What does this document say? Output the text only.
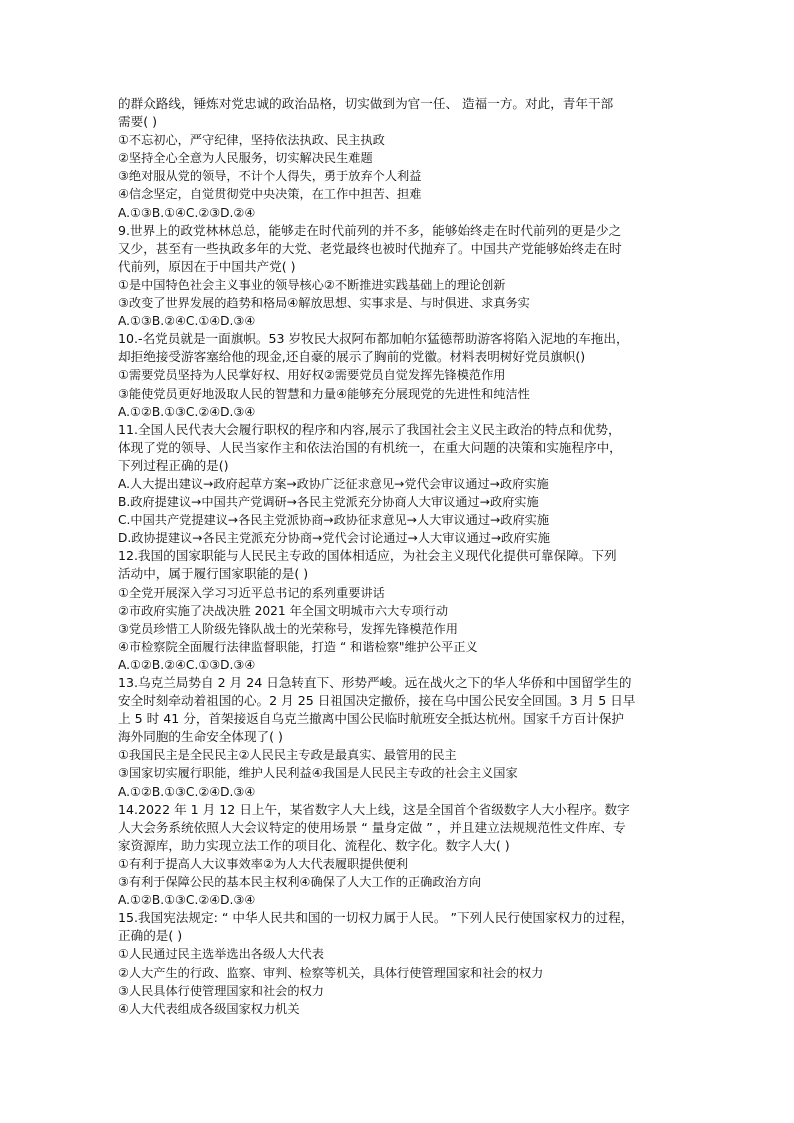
的群众路线，锤炼对党忠诚的政治品格，切实做到为官一任、 造福一方。对此，青年干部
需要( )
①不忘初心，严守纪律，坚持依法执政、民主执政
②坚持全心全意为人民服务，切实解决民生难题
③绝对服从党的领导，不计个人得失，勇于放弃个人利益
④信念坚定，自觉贯彻党中央决策，在工作中担苦、担难
A.①③B.①④C.②③D.②④
9.世界上的政党林林总总，能够走在时代前列的并不多，能够始终走在时代前列的更是少之
又少，甚至有一些执政多年的大党、老党最终也被时代抛弃了。中国共产党能够始终走在时
代前列，原因在于中国共产党( )
①是中国特色社会主义事业的领导核心②不断推进实践基础上的理论创新
③改变了世界发展的趋势和格局④解放思想、实事求是、与时俱进、求真务实
A.①③B.②④C.①④D.③④
10.-名党员就是一面旗帜。53 岁牧民大叔阿布都加帕尔猛德帮助游客将陷入泥地的车拖出，
却拒绝接受游客塞给他的现金,还自豪的展示了胸前的党徽。材料表明树好党员旗帜()
①需要党员坚持为人民掌好权、用好权②需要党员自觉发挥先锋模范作用
③能使党员更好地汲取人民的智慧和力量④能够充分展现党的先进性和纯洁性
A.①②B.①③C.②④D.③④
11.全国人民代表大会履行职权的程序和内容,展示了我国社会主义民主政治的特点和优势，
体现了党的领导、人民当家作主和依法治国的有机统一，在重大问题的决策和实施程序中，
下列过程正确的是()
A.人大提出建议→政府起草方案→政协广泛征求意见→党代会审议通过→政府实施
B.政府提建议→中国共产党调研→各民主党派充分协商人大审议通过→政府实施
C.中国共产党提建议→各民主党派协商→政协征求意见→人大审议通过→政府实施
D.政协提建议→各民主党派充分协商→党代会讨论通过→人大审议通过→政府实施
12.我国的国家职能与人民民主专政的国体相适应，为社会主义现代化提供可靠保障。下列
活动中，属于履行国家职能的是( )
①全党开展深入学习习近平总书记的系列重要讲话
②市政府实施了决战决胜 2021 年全国文明城市六大专项行动
③党员珍惜工人阶级先锋队战士的光荣称号，发挥先锋模范作用
④市检察院全面履行法律监督职能，打造 “ 和谐检察"维护公平正义
A.①②B.②④C.①③D.③④
13.乌克兰局势自 2 月 24 日急转直下、形势严峻。远在战火之下的华人华侨和中国留学生的
安全时刻牵动着祖国的心。2 月 25 日祖国决定撤侨，接在乌中国公民安全回国。3 月 5 日早
上 5 时 41 分，首架接返自乌克兰撤离中国公民临时航班安全抵达杭州。国家千方百计保护
海外同胞的生命安全体现了( )
①我国民主是全民民主②人民民主专政是最真实、最管用的民主
③国家切实履行职能，维护人民利益④我国是人民民主专政的社会主义国家
A.①②B.①③C.②④D.③④
14.2022 年 1 月 12 日上午，某省数字人大上线，这是全国首个省级数字人大小程序。数字
人大会务系统依照人大会议特定的使用场景 “ 量身定做 ” ，并且建立法规规范性文件库、专
家资源库，助力实现立法工作的项目化、流程化、数字化。数字人大( )
①有利于提高人大议事效率②为人大代表履职提供便利
③有利于保障公民的基本民主权利④确保了人大工作的正确政治方向
A.①②B.①③C.②④D.③④
15.我国宪法规定: “ 中华人民共和国的一切权力属于人民。 ”下列人民行使国家权力的过程，
正确的是( )
①人民通过民主选举选出各级人大代表
②人大产生的行政、监察、审判、检察等机关，具体行使管理国家和社会的权力
③人民具体行使管理国家和社会的权力
④人大代表组成各级国家权力机关
